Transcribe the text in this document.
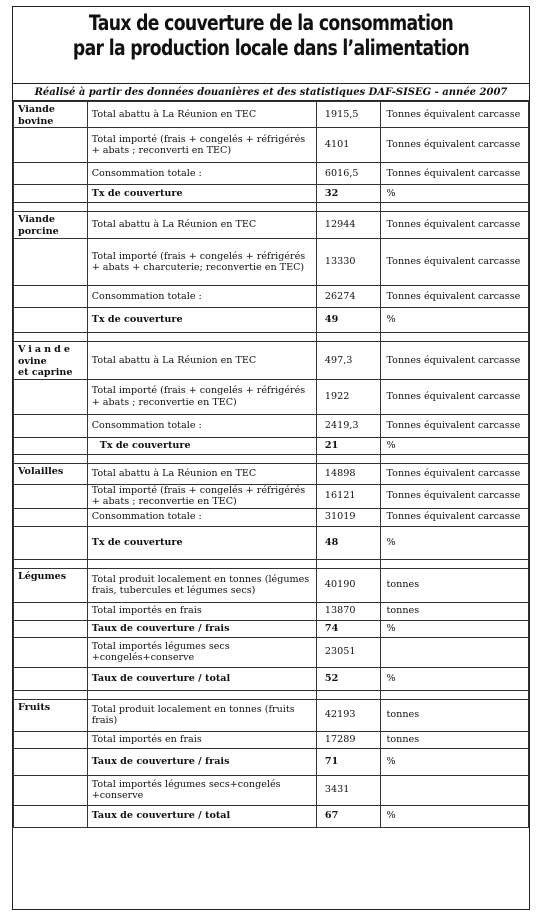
Taux de couverture de la consommation
par la production locale dans l’alimentation
Réalisé à partir des données douanières et des statistiques DAF-SISEG - année 2007
Viande
bovine	Total abattu à La Réunion en TEC	1915,5	Tonnes équivalent carcasse
	Total importé (frais + congelés + réfrigérés + abats ; reconverti en TEC)	4101	Tonnes équivalent carcasse
	Consommation totale :	6016,5	Tonnes équivalent carcasse
	Tx de couverture	32	%

Viande
porcine	Total abattu à La Réunion en TEC	12944	Tonnes équivalent carcasse
	Total importé (frais + congelés + réfrigérés + abats + charcuterie; reconvertie en TEC)	13330	Tonnes équivalent carcasse
	Consommation totale :	26274	Tonnes équivalent carcasse
	Tx de couverture	49	%

Viande
ovine
et caprine	Total abattu à La Réunion en TEC	497,3	Tonnes équivalent carcasse
	Total importé (frais + congelés + réfrigérés + abats ; reconvertie en TEC)	1922	Tonnes équivalent carcasse
	Consommation totale :	2419,3	Tonnes équivalent carcasse
	Tx de couverture	21	%

Volailles	Total abattu à La Réunion en TEC	14898	Tonnes équivalent carcasse
	Total importé (frais + congelés + réfrigérés + abats ; reconvertie en TEC)	16121	Tonnes équivalent carcasse
	Consommation totale :	31019	Tonnes équivalent carcasse
	Tx de couverture	48	%

Légumes	Total produit localement en tonnes (légumes frais, tubercules et légumes secs)	40190	tonnes
	Total importés en frais	13870	tonnes
	Taux de couverture / frais	74	%
	Total importés légumes secs +congelés+conserve	23051	
	Taux de couverture / total	52	%

Fruits	Total produit localement en tonnes (fruits frais)	42193	tonnes
	Total importés en frais	17289	tonnes
	Taux de couverture / frais	71	%
	Total importés légumes secs+congelés +conserve	3431	
	Taux de couverture / total	67	%
